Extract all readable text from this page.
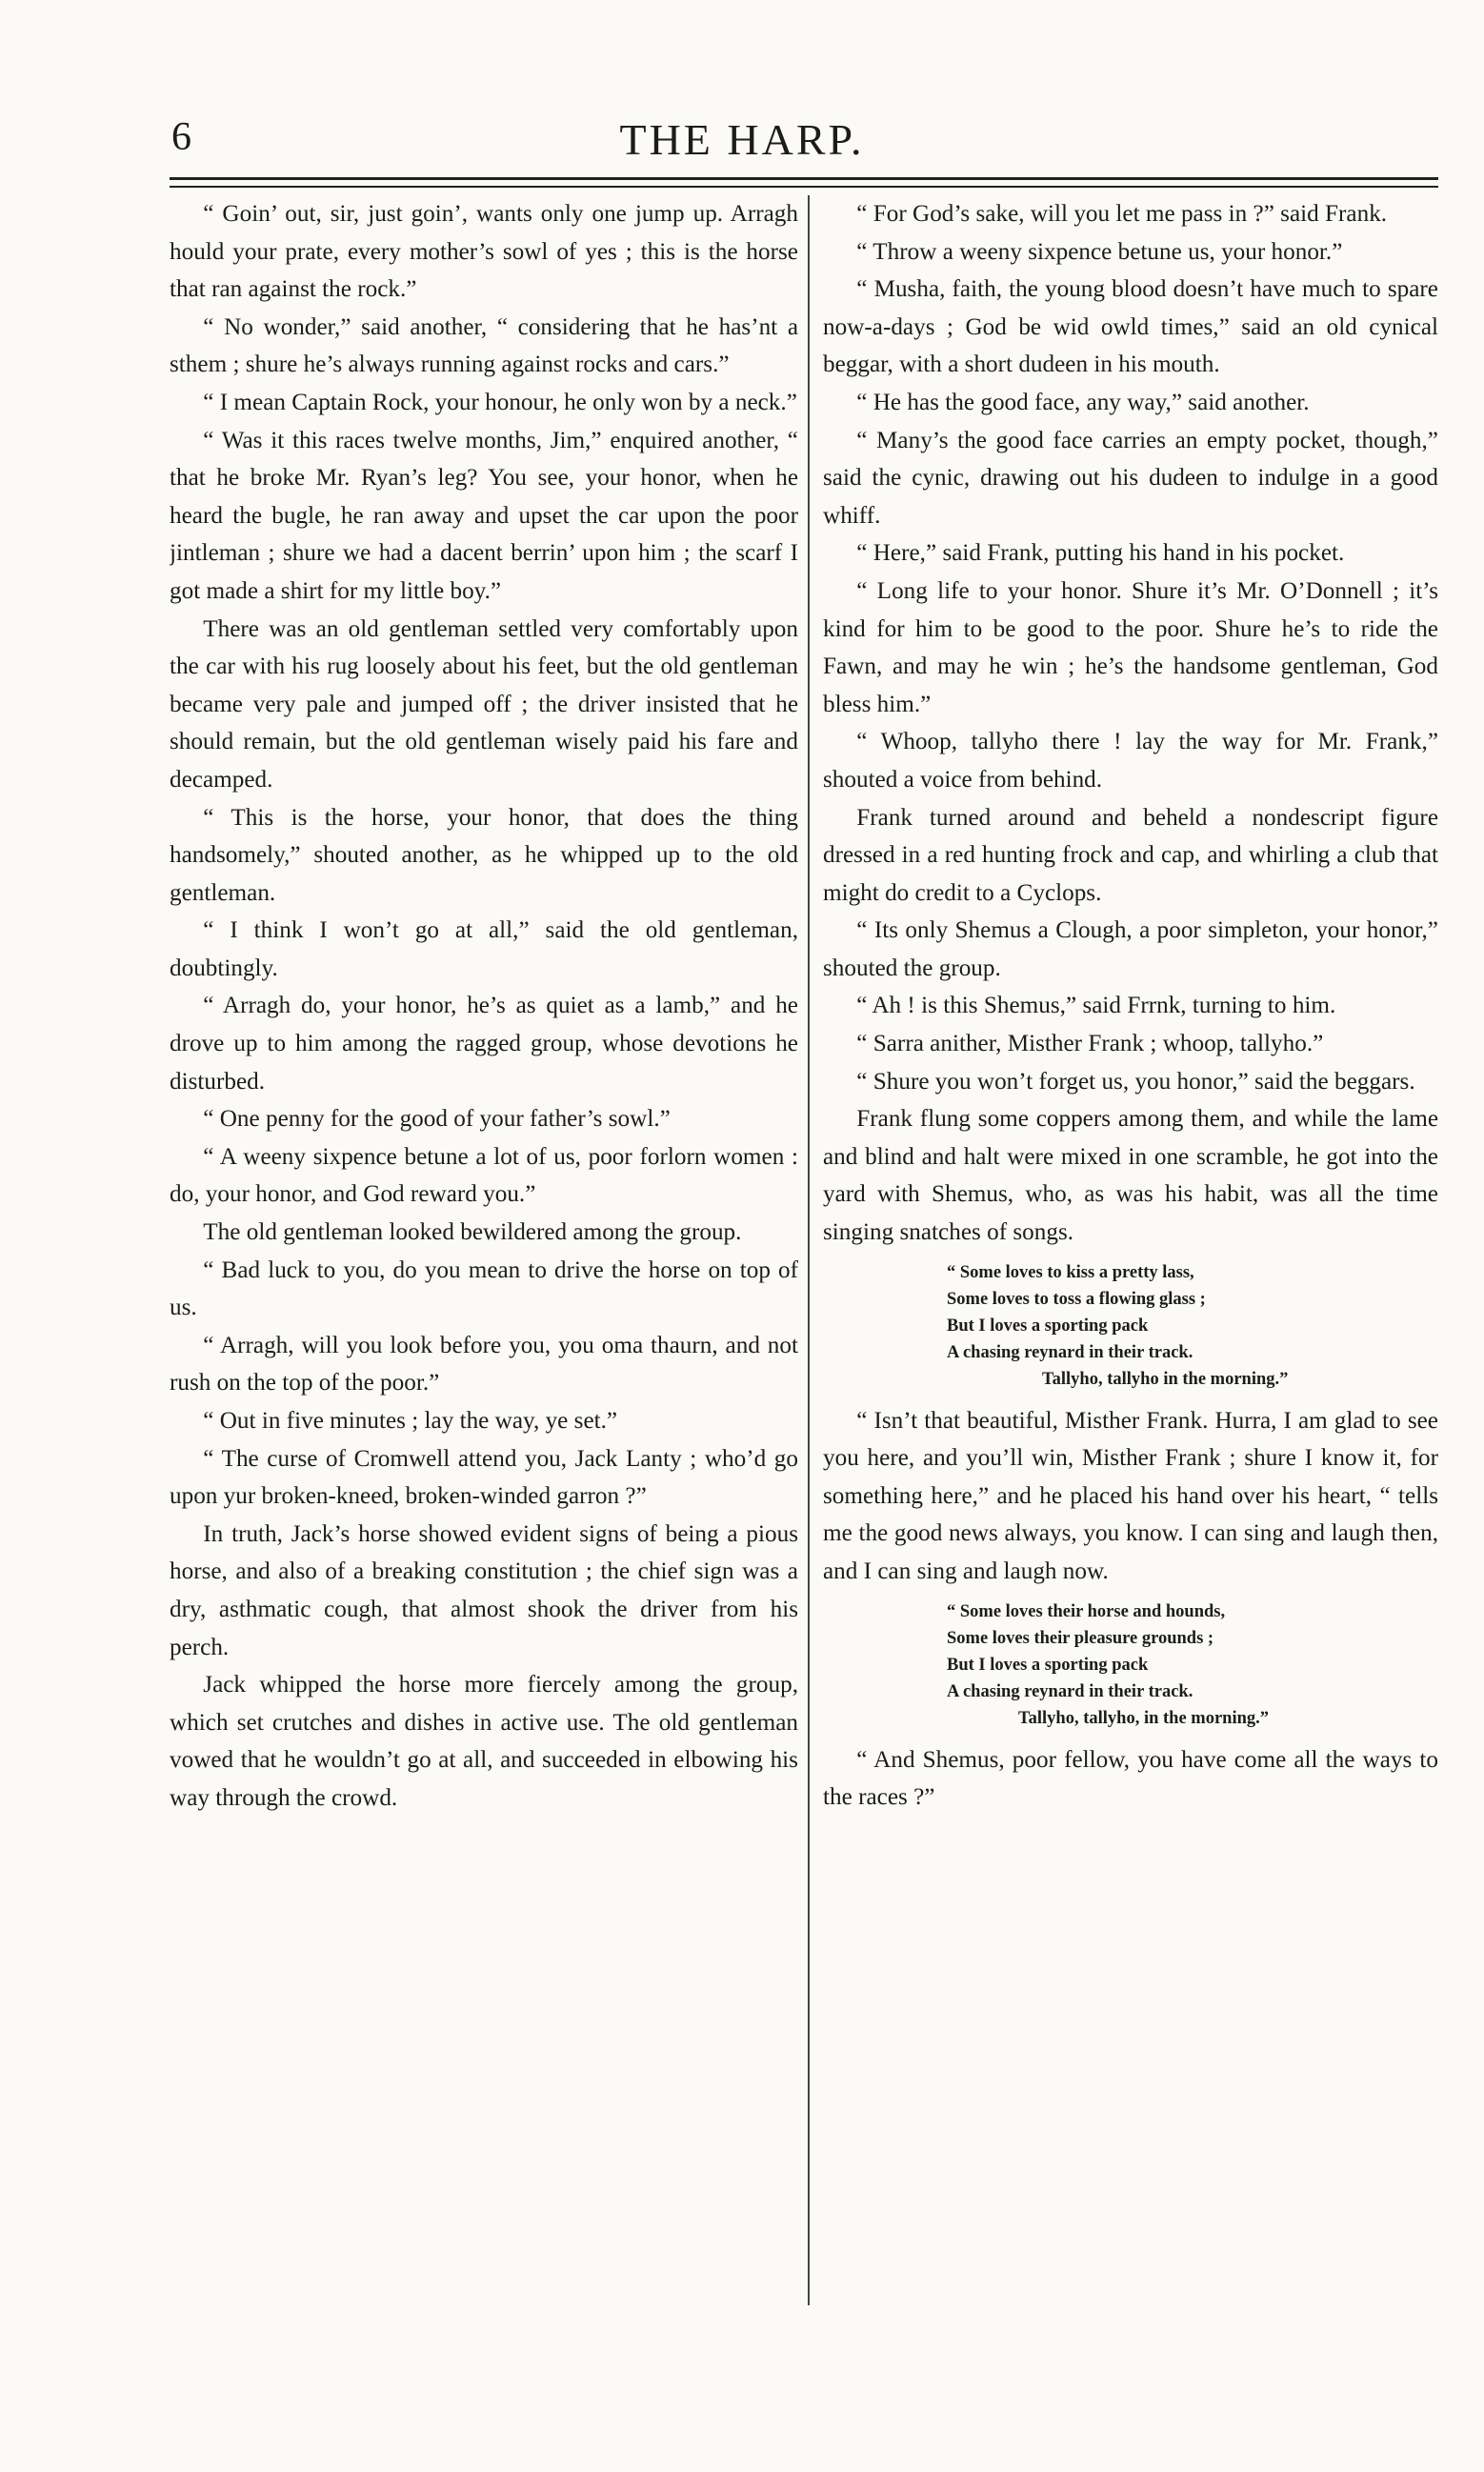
6	THE HARP.

“ Goin’ out, sir, just goin’, wants only one jump up. Arragh hould your prate, every mother’s sowl of yes ; this is the horse that ran against the rock.”

“ No wonder,” said another, “ considering that he has’nt a sthem ; shure he’s always running against rocks and cars.”

“ I mean Captain Rock, your honour, he only won by a neck.”

“ Was it this races twelve months, Jim,” enquired another, “ that he broke Mr. Ryan’s leg? You see, your honor, when he heard the bugle, he ran away and upset the car upon the poor jintleman ; shure we had a dacent berrin’ upon him ; the scarf I got made a shirt for my little boy.”

There was an old gentleman settled very comfortably upon the car with his rug loosely about his feet, but the old gentleman became very pale and jumped off ; the driver insisted that he should remain, but the old gentleman wisely paid his fare and decamped.

“ This is the horse, your honor, that does the thing handsomely,” shouted another, as he whipped up to the old gentleman.

“ I think I won’t go at all,” said the old gentleman, doubtingly.

“ Arragh do, your honor, he’s as quiet as a lamb,” and he drove up to him among the ragged group, whose devotions he disturbed.

“ One penny for the good of your father’s sowl.”

“ A weeny sixpence betune a lot of us, poor forlorn women : do, your honor, and God reward you.”

The old gentleman looked bewildered among the group.

“ Bad luck to you, do you mean to drive the horse on top of us.

“ Arragh, will you look before you, you oma thaurn, and not rush on the top of the poor.”

“ Out in five minutes ; lay the way, ye set.”

“ The curse of Cromwell attend you, Jack Lanty ; who’d go upon yur broken-kneed, broken-winded garron ?”

In truth, Jack’s horse showed evident signs of being a pious horse, and also of a breaking constitution ; the chief sign was a dry, asthmatic cough, that almost shook the driver from his perch.

Jack whipped the horse more fiercely among the group, which set crutches and dishes in active use. The old gentleman vowed that he wouldn’t go at all, and succeeded in elbowing his way through the crowd.

“ For God’s sake, will you let me pass in ?” said Frank.

“ Throw a weeny sixpence betune us, your honor.”

“ Musha, faith, the young blood doesn’t have much to spare now-a-days ; God be wid owld times,” said an old cynical beggar, with a short dudeen in his mouth.

“ He has the good face, any way,” said another.

“ Many’s the good face carries an empty pocket, though,” said the cynic, drawing out his dudeen to indulge in a good whiff.

“ Here,” said Frank, putting his hand in his pocket.

“ Long life to your honor. Shure it’s Mr. O’Donnell ; it’s kind for him to be good to the poor. Shure he’s to ride the Fawn, and may he win ; he’s the handsome gentleman, God bless him.”

“ Whoop, tallyho there ! lay the way for Mr. Frank,” shouted a voice from behind.

Frank turned around and beheld a nondescript figure dressed in a red hunting frock and cap, and whirling a club that might do credit to a Cyclops.

“ Its only Shemus a Clough, a poor simpleton, your honor,” shouted the group.

“ Ah ! is this Shemus,” said Frrnk, turning to him.

“ Sarra anither, Misther Frank ; whoop, tallyho.”

“ Shure you won’t forget us, you honor,” said the beggars.

Frank flung some coppers among them, and while the lame and blind and halt were mixed in one scramble, he got into the yard with Shemus, who, as was his habit, was all the time singing snatches of songs.

“ Some loves to kiss a pretty lass,
Some loves to toss a flowing glass ;
But I loves a sporting pack
A chasing reynard in their track.
Tallyho, tallyho in the morning.”

“ Isn’t that beautiful, Misther Frank. Hurra, I am glad to see you here, and you’ll win, Misther Frank ; shure I know it, for something here,” and he placed his hand over his heart, “ tells me the good news always, you know. I can sing and laugh then, and I can sing and laugh now.

“ Some loves their horse and hounds,
Some loves their pleasure grounds ;
But I loves a sporting pack
A chasing reynard in their track.
Tallyho, tallyho, in the morning.”

“ And Shemus, poor fellow, you have come all the ways to the races ?”
